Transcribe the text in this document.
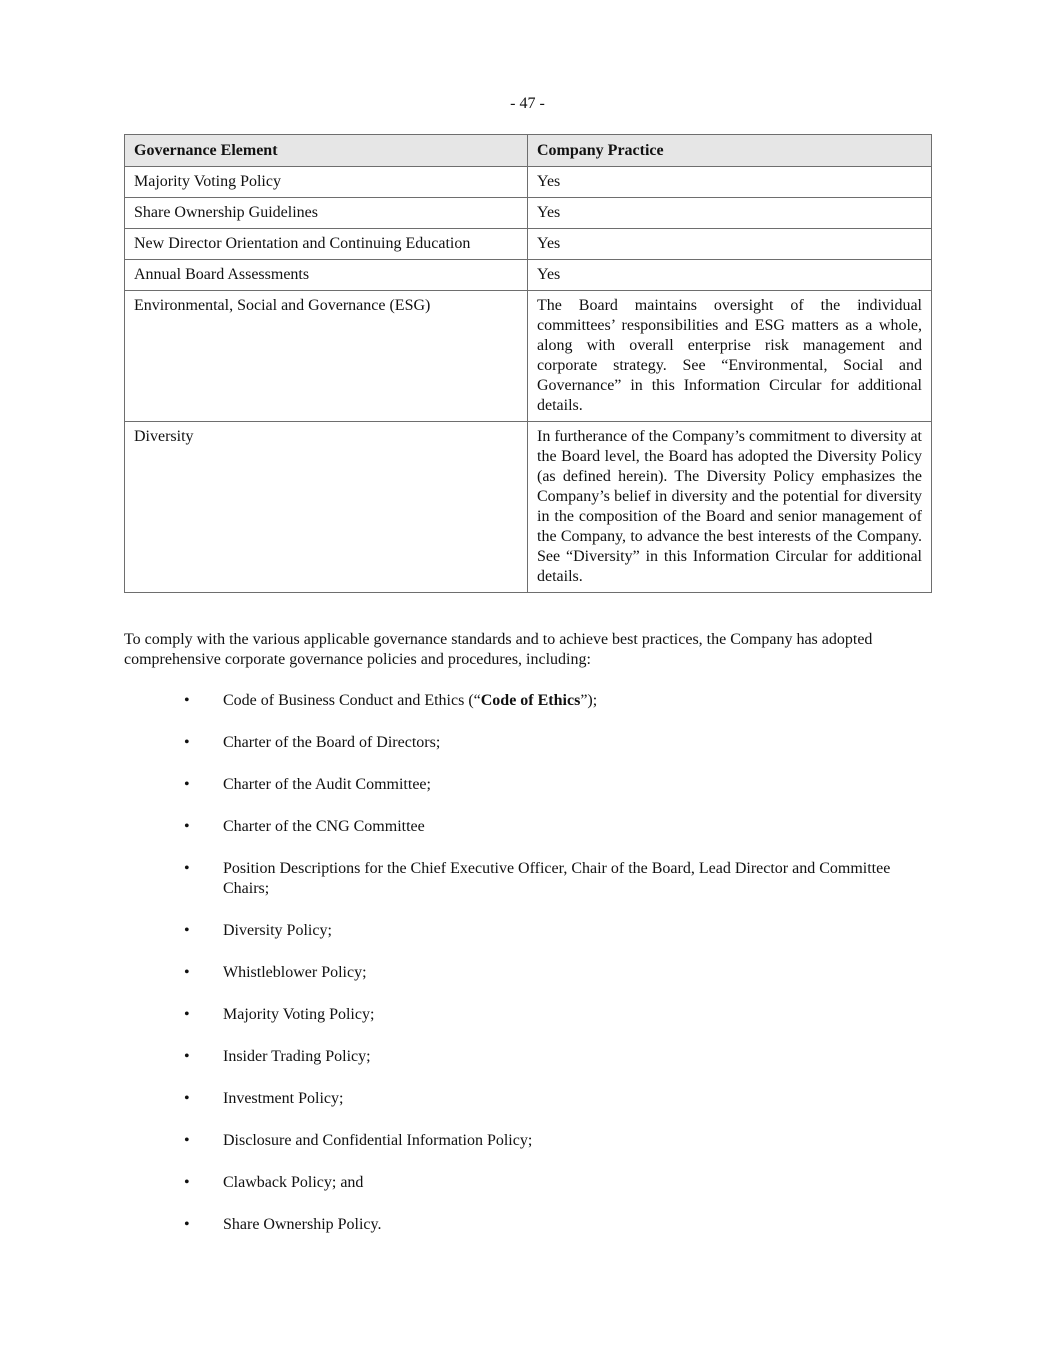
- 47 -
Governance Element	Company Practice
Majority Voting Policy	Yes
Share Ownership Guidelines	Yes
New Director Orientation and Continuing Education	Yes
Annual Board Assessments	Yes
Environmental, Social and Governance (ESG)	The Board maintains oversight of the individual committees’ responsibilities and ESG matters as a whole, along with overall enterprise risk management and corporate strategy. See “Environmental, Social and Governance” in this Information Circular for additional details.
Diversity	In furtherance of the Company’s commitment to diversity at the Board level, the Board has adopted the Diversity Policy (as defined herein). The Diversity Policy emphasizes the Company’s belief in diversity and the potential for diversity in the composition of the Board and senior management of the Company, to advance the best interests of the Company. See “Diversity” in this Information Circular for additional details.

To comply with the various applicable governance standards and to achieve best practices, the Company has adopted comprehensive corporate governance policies and procedures, including:

• Code of Business Conduct and Ethics (“Code of Ethics”);
• Charter of the Board of Directors;
• Charter of the Audit Committee;
• Charter of the CNG Committee
• Position Descriptions for the Chief Executive Officer, Chair of the Board, Lead Director and Committee Chairs;
• Diversity Policy;
• Whistleblower Policy;
• Majority Voting Policy;
• Insider Trading Policy;
• Investment Policy;
• Disclosure and Confidential Information Policy;
• Clawback Policy; and
• Share Ownership Policy.
